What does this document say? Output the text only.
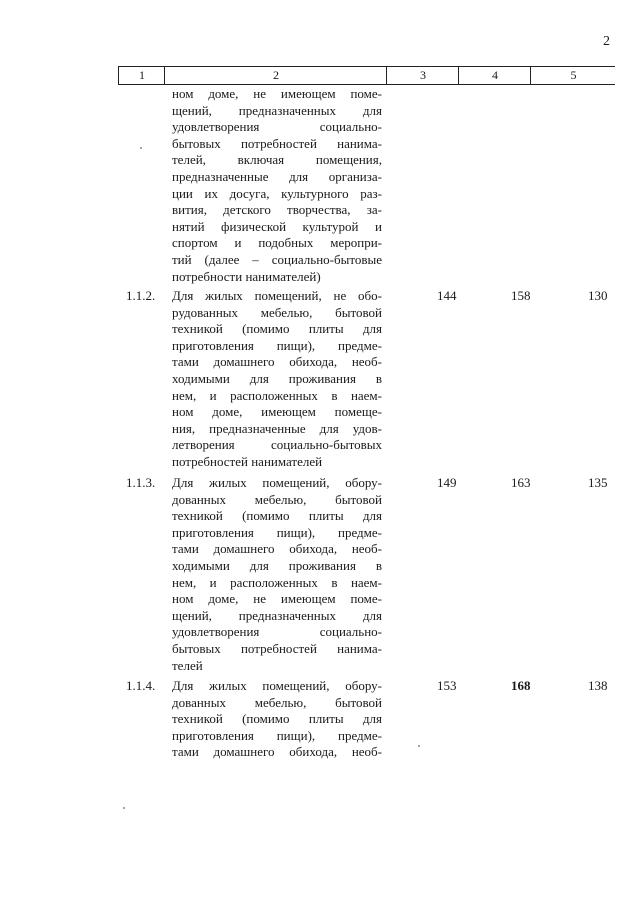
2
1	2	3	4	5
ном доме, не имеющем поме-
щений, предназначенных для
удовлетворения социально-
бытовых потребностей нанима-
телей, включая помещения,
предназначенные для организа-
ции их досуга, культурного раз-
вития, детского творчества, за-
нятий физической культурой и
спортом и подобных меропри-
тий (далее – социально-бытовые
потребности нанимателей)
1.1.2. Для жилых помещений, не обо-
рудованных мебелью, бытовой
техникой (помимо плиты для
приготовления пищи), предме-
тами домашнего обихода, необ-
ходимыми для проживания в
нем, и расположенных в наем-
ном доме, имеющем помеще-
ния, предназначенные для удов-
летворения социально-бытовых
потребностей нанимателей
144	158	130
1.1.3. Для жилых помещений, обору-
дованных мебелью, бытовой
техникой (помимо плиты для
приготовления пищи), предме-
тами домашнего обихода, необ-
ходимыми для проживания в
нем, и расположенных в наем-
ном доме, не имеющем поме-
щений, предназначенных для
удовлетворения социально-
бытовых потребностей нанима-
телей
149	163	135
1.1.4. Для жилых помещений, обору-
дованных мебелью, бытовой
техникой (помимо плиты для
приготовления пищи), предме-
тами домашнего обихода, необ-
153	168	138
